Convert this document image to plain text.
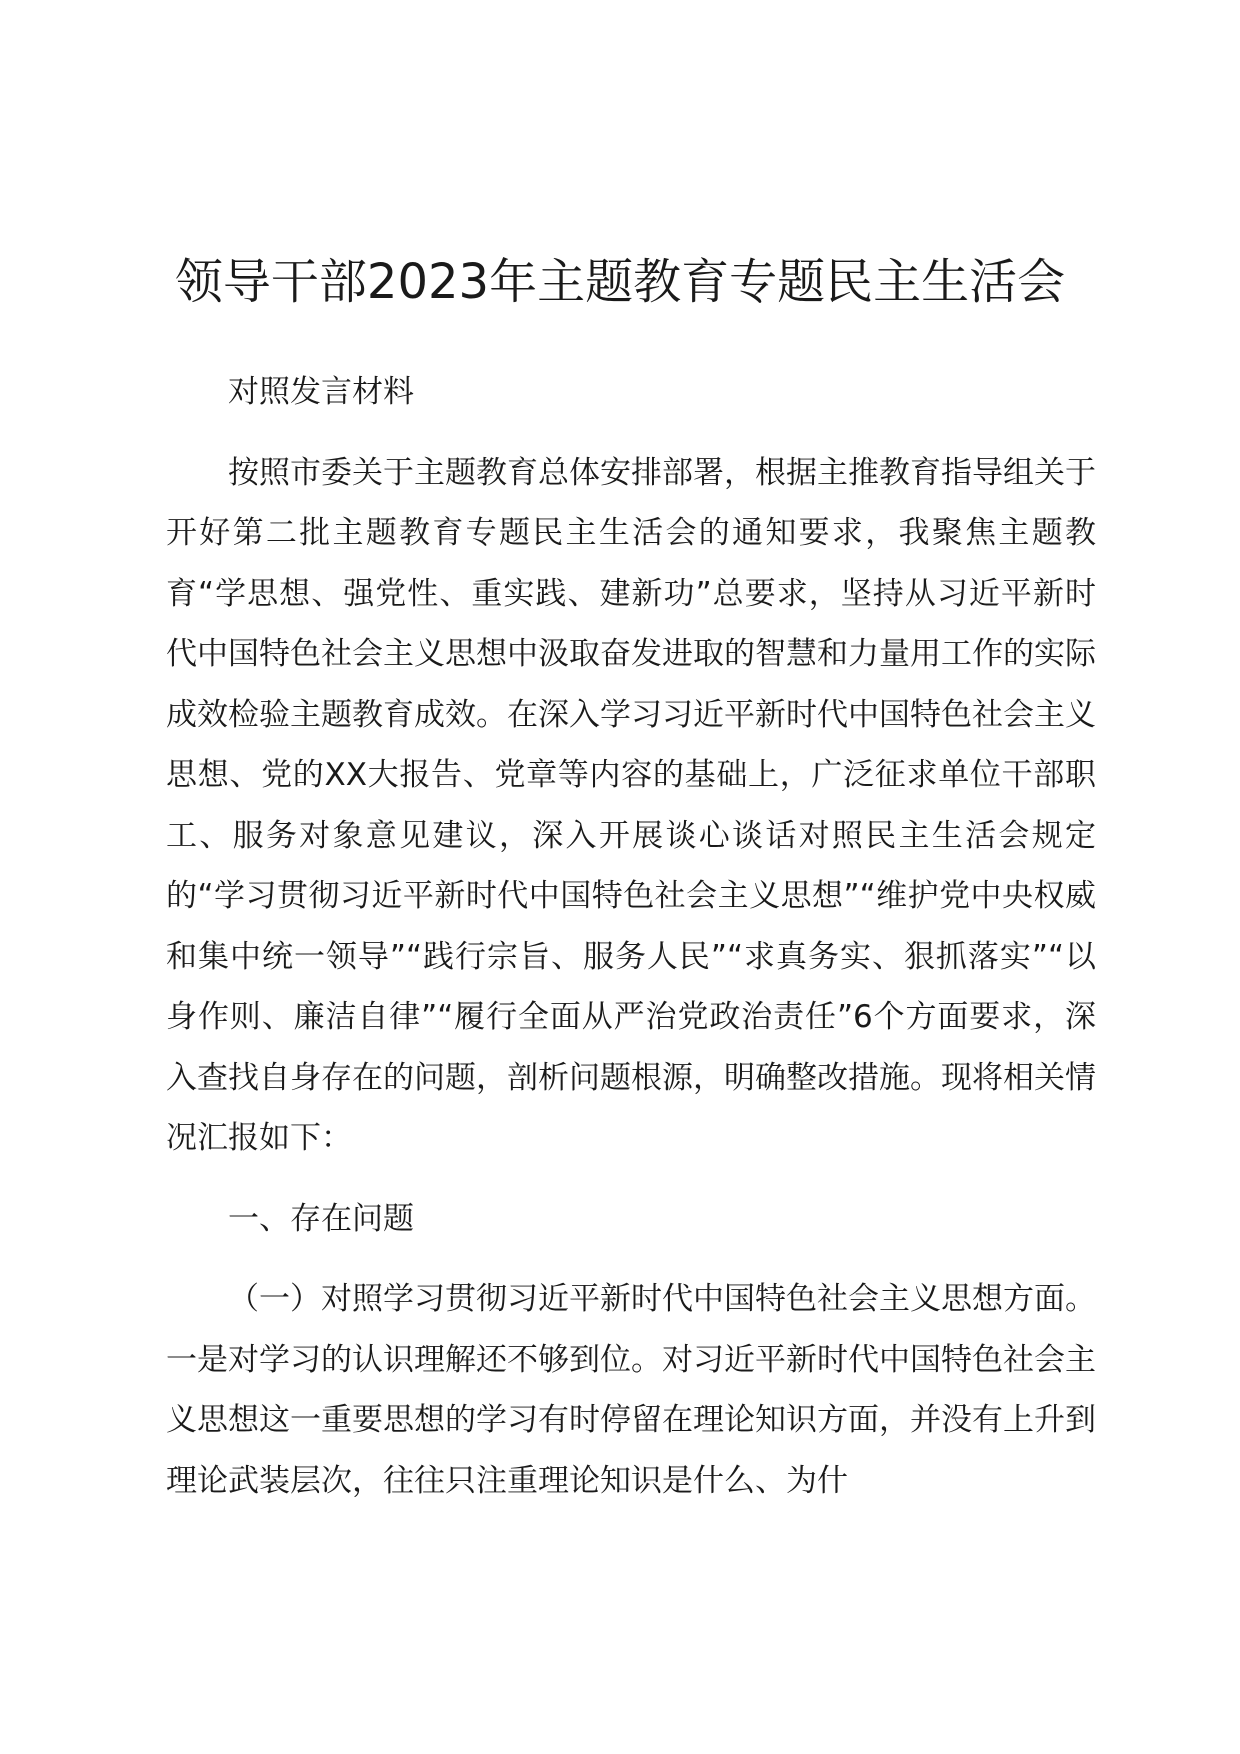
领导干部2023年主题教育专题民主生活会

对照发言材料

按照市委关于主题教育总体安排部署，根据主推教育指导组关于开好第二批主题教育专题民主生活会的通知要求，我聚焦主题教育“学思想、强党性、重实践、建新功”总要求，坚持从习近平新时代中国特色社会主义思想中汲取奋发进取的智慧和力量用工作的实际成效检验主题教育成效。在深入学习习近平新时代中国特色社会主义思想、党的XX大报告、党章等内容的基础上，广泛征求单位干部职工、服务对象意见建议，深入开展谈心谈话对照民主生活会规定的“学习贯彻习近平新时代中国特色社会主义思想”“维护党中央权威和集中统一领导”“践行宗旨、服务人民”“求真务实、狠抓落实”“以身作则、廉洁自律”“履行全面从严治党政治责任”6个方面要求，深入查找自身存在的问题，剖析问题根源，明确整改措施。现将相关情况汇报如下：

一、存在问题

（一）对照学习贯彻习近平新时代中国特色社会主义思想方面。一是对学习的认识理解还不够到位。对习近平新时代中国特色社会主义思想这一重要思想的学习有时停留在理论知识方面，并没有上升到理论武装层次，往往只注重理论知识是什么、为什
